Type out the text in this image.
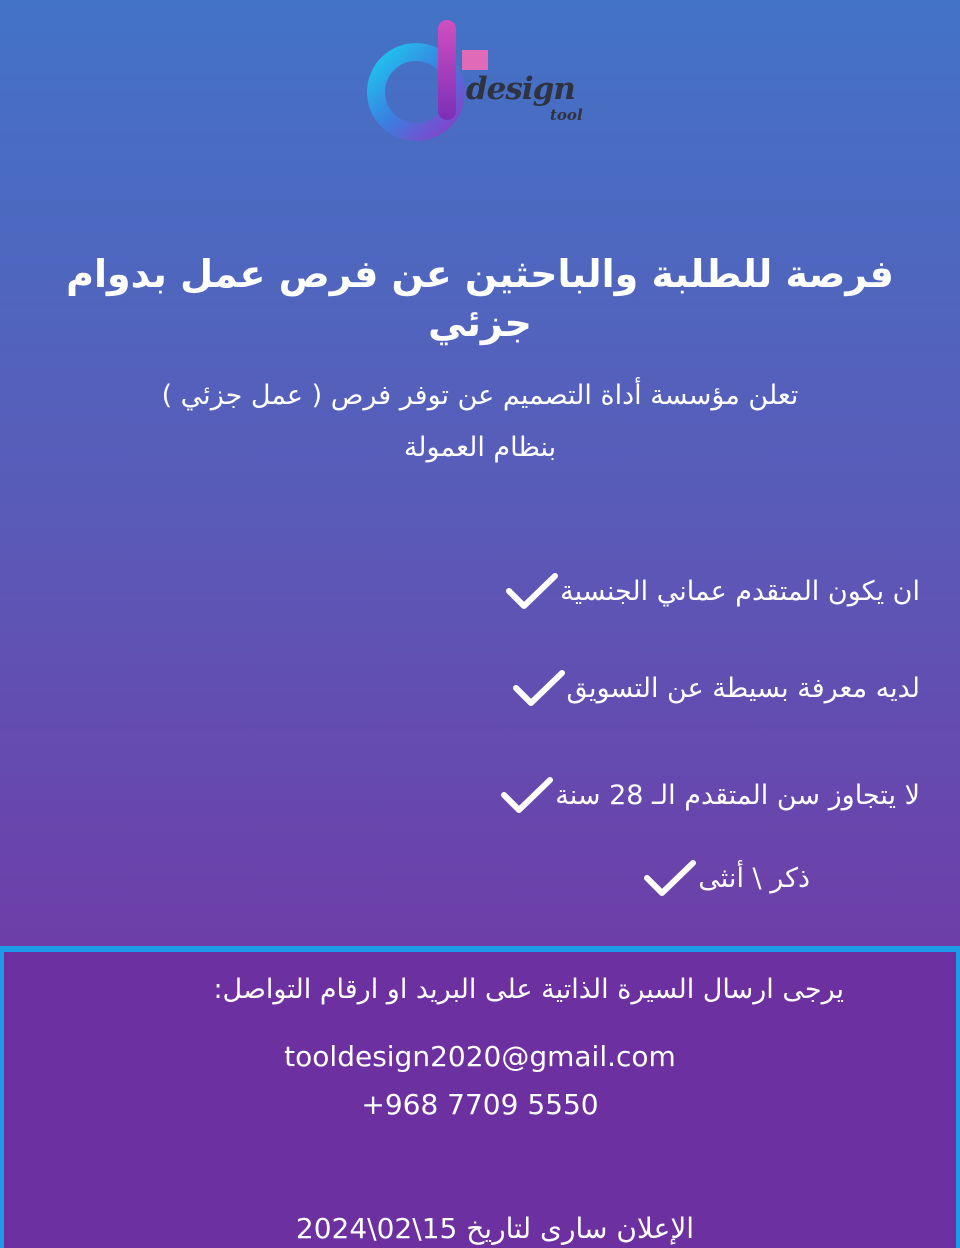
design
tool
فرصة للطلبة والباحثين عن فرص عمل بدوام جزئي
تعلن مؤسسة أداة التصميم عن توفر فرص ( عمل جزئي )
بنظام العمولة
ان يكون المتقدم عماني الجنسية
لديه معرفة بسيطة عن التسويق
لا يتجاوز سن المتقدم الـ 28 سنة
ذكر \ أنثى
يرجى ارسال السيرة الذاتية على البريد او ارقام التواصل:
tooldesign2020@gmail.com
+968 7709 5550
الإعلان سارى لتاريخ 15\02\2024
